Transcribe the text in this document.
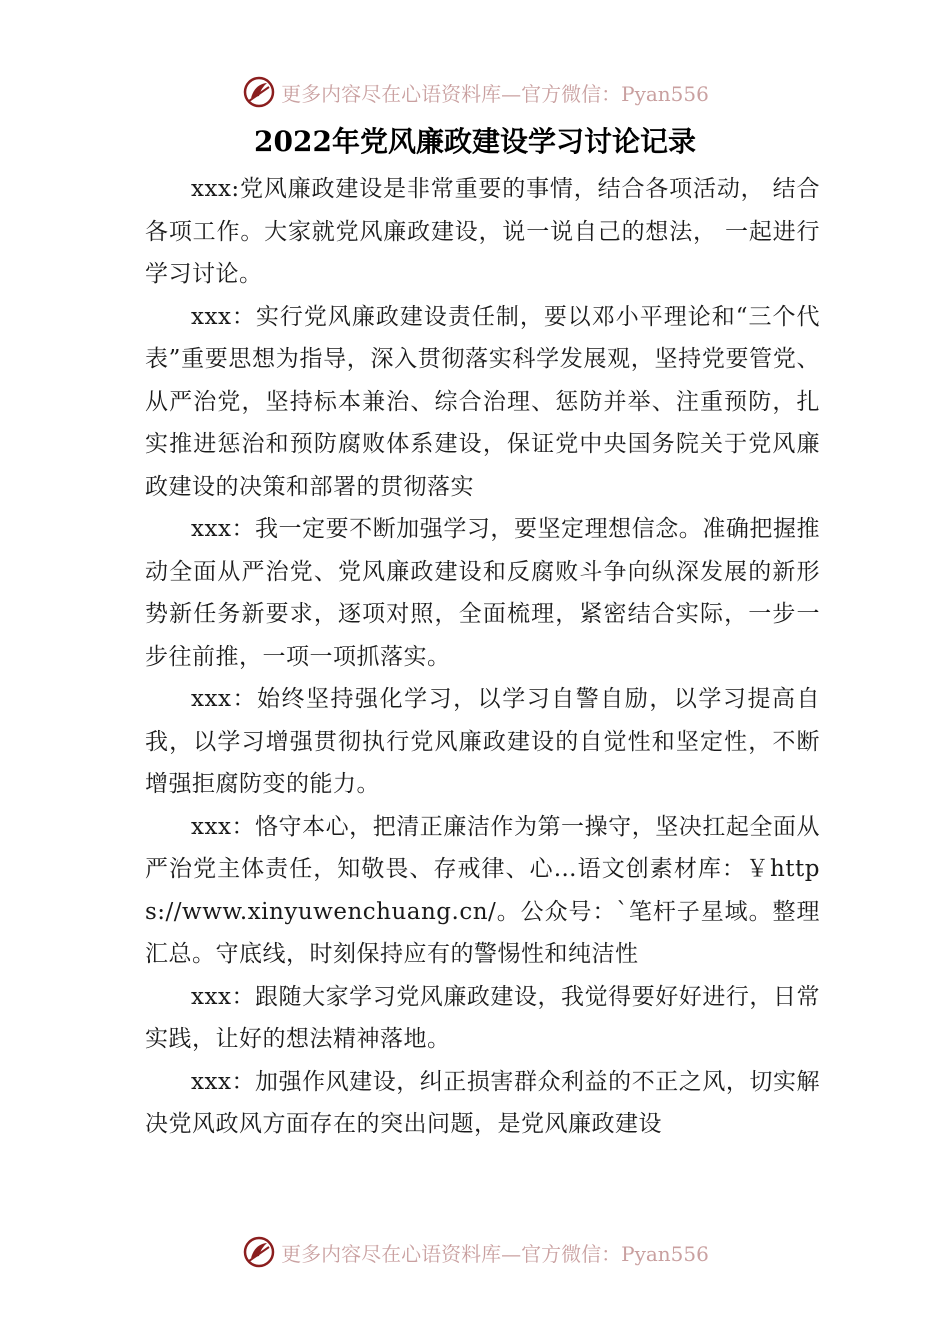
更多内容尽在心语资料库—官方微信：Pyan556
2022年党风廉政建设学习讨论记录

xxx:党风廉政建设是非常重要的事情，结合各项活动， 结合各项工作。大家就党风廉政建设，说一说自己的想法， 一起进行学习讨论。

xxx：实行党风廉政建设责任制，要以邓小平理论和“三个代表”重要思想为指导，深入贯彻落实科学发展观，坚持党要管党、从严治党，坚持标本兼治、综合治理、惩防并举、注重预防，扎实推进惩治和预防腐败体系建设，保证党中央国务院关于党风廉政建设的决策和部署的贯彻落实

xxx：我一定要不断加强学习，要坚定理想信念。准确把握推动全面从严治党、党风廉政建设和反腐败斗争向纵深发展的新形势新任务新要求，逐项对照，全面梳理，紧密结合实际，一步一步往前推，一项一项抓落实。

xxx：始终坚持强化学习，以学习自警自励，以学习提高自我，以学习增强贯彻执行党风廉政建设的自觉性和坚定性，不断增强拒腐防变的能力。

xxx：恪守本心，把清正廉洁作为第一操守，坚决扛起全面从严治党主体责任，知敬畏、存戒律、心…语文创素材库：￥https://www.xinyuwenchuang.cn/。公众号：`笔杆子星域。整理汇总。守底线，时刻保持应有的警惕性和纯洁性

xxx：跟随大家学习党风廉政建设，我觉得要好好进行，日常实践，让好的想法精神落地。

xxx：加强作风建设，纠正损害群众利益的不正之风，切实解决党风政风方面存在的突出问题，是党风廉政建设

更多内容尽在心语资料库—官方微信：Pyan556
